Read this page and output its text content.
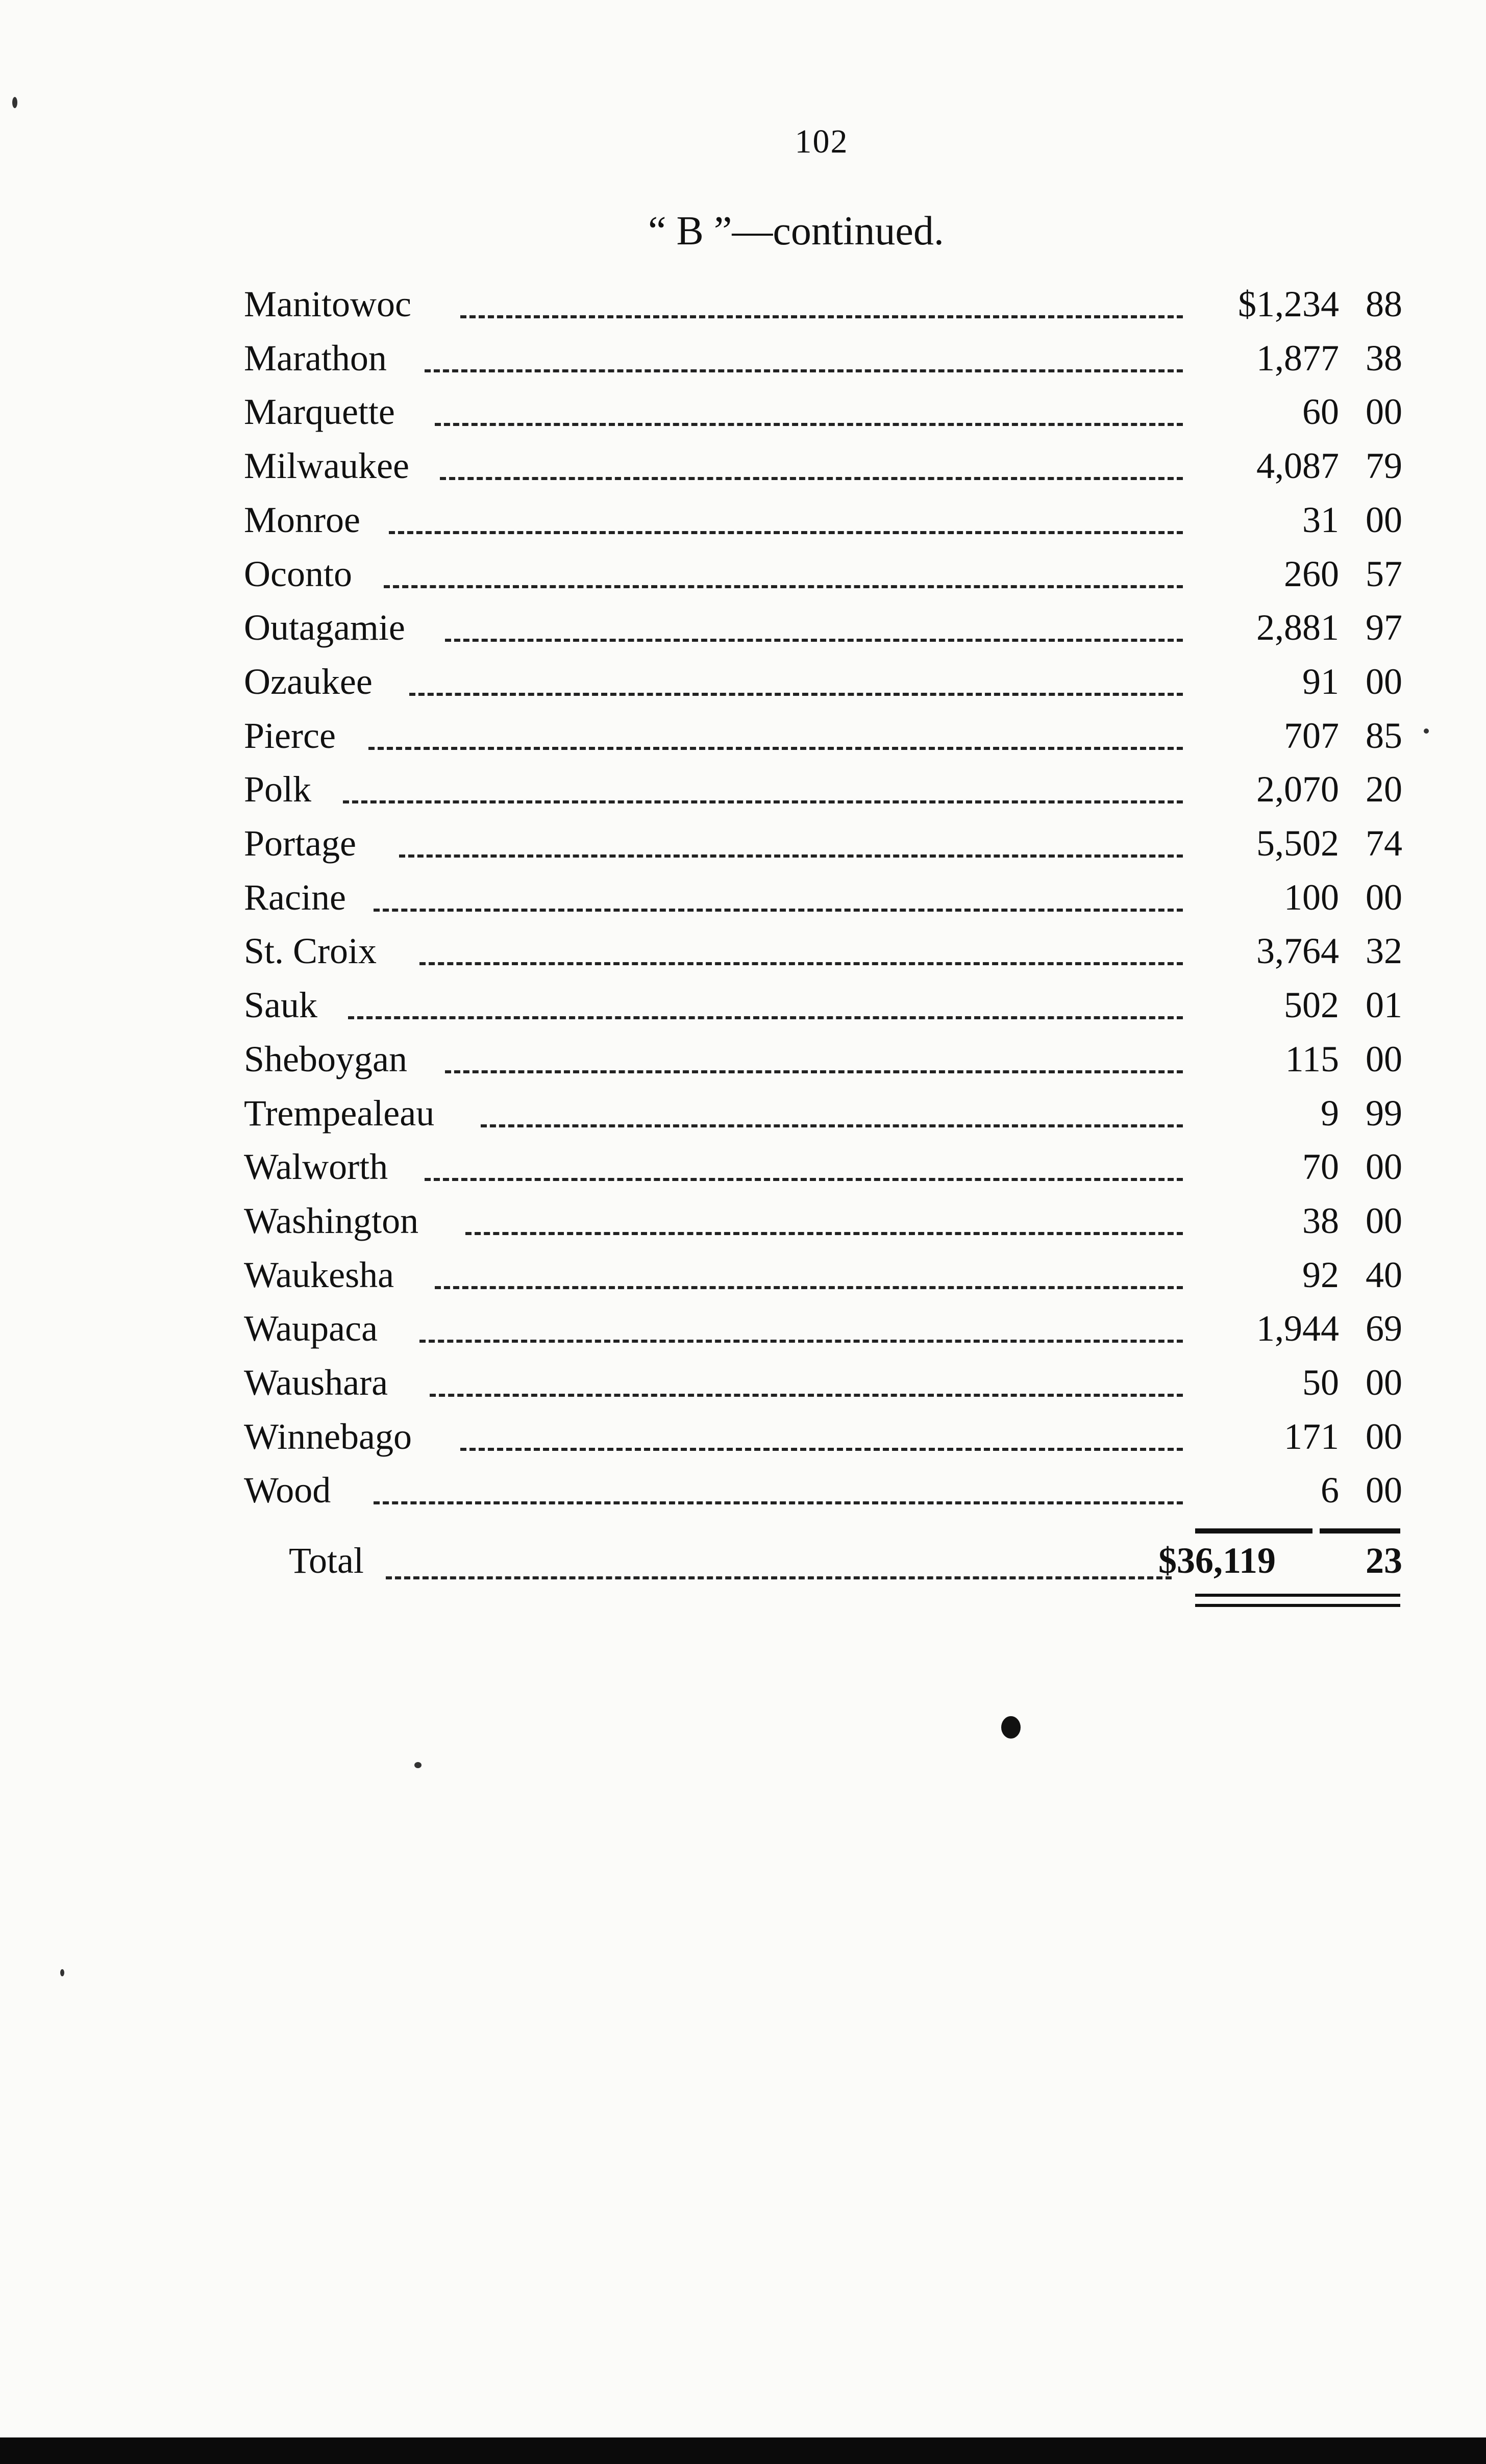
102
“ B ”—continued.
Manitowoc	$1,234 88
Marathon	1,877 38
Marquette	60 00
Milwaukee	4,087 79
Monroe	31 00
Oconto	260 57
Outagamie	2,881 97
Ozaukee	91 00
Pierce	707 85
Polk	2,070 20
Portage	5,502 74
Racine	100 00
St. Croix	3,764 32
Sauk	502 01
Sheboygan	115 00
Trempealeau	9 99
Walworth	70 00
Washington	38 00
Waukesha	92 40
Waupaca	1,944 69
Waushara	50 00
Winnebago	171 00
Wood	6 00
Total	$36,119 23
